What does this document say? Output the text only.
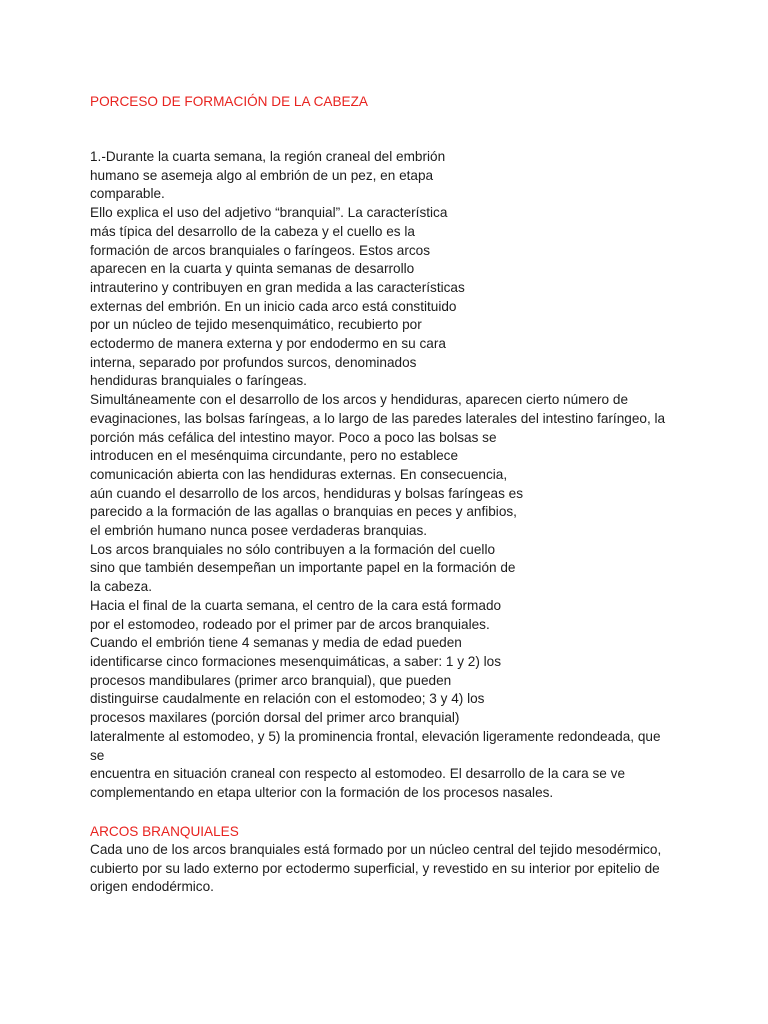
PORCESO DE FORMACIÓN DE LA CABEZA
1.-Durante la cuarta semana, la región craneal del embrión
humano se asemeja algo al embrión de un pez, en etapa
comparable.
Ello explica el uso del adjetivo “branquial”. La característica
más típica del desarrollo de la cabeza y el cuello es la
formación de arcos branquiales o faríngeos. Estos arcos
aparecen en la cuarta y quinta semanas de desarrollo
intrauterino y contribuyen en gran medida a las características
externas del embrión. En un inicio cada arco está constituido
por un núcleo de tejido mesenquimático, recubierto por
ectodermo de manera externa y por endodermo en su cara
interna, separado por profundos surcos, denominados
hendiduras branquiales o faríngeas.
Simultáneamente con el desarrollo de los arcos y hendiduras, aparecen cierto número de
evaginaciones, las bolsas faríngeas, a lo largo de las paredes laterales del intestino faríngeo, la
porción más cefálica del intestino mayor. Poco a poco las bolsas se
introducen en el mesénquima circundante, pero no establece
comunicación abierta con las hendiduras externas. En consecuencia,
aún cuando el desarrollo de los arcos, hendiduras y bolsas faríngeas es
parecido a la formación de las agallas o branquias en peces y anfibios,
el embrión humano nunca posee verdaderas branquias.
Los arcos branquiales no sólo contribuyen a la formación del cuello
sino que también desempeñan un importante papel en la formación de
la cabeza.
Hacia el final de la cuarta semana, el centro de la cara está formado
por el estomodeo, rodeado por el primer par de arcos branquiales.
Cuando el embrión tiene 4 semanas y media de edad pueden
identificarse cinco formaciones mesenquimáticas, a saber: 1 y 2) los
procesos mandibulares (primer arco branquial), que pueden
distinguirse caudalmente en relación con el estomodeo; 3 y 4) los
procesos maxilares (porción dorsal del primer arco branquial)
lateralmente al estomodeo, y 5) la prominencia frontal, elevación ligeramente redondeada, que
se
encuentra en situación craneal con respecto al estomodeo. El desarrollo de la cara se ve
complementando en etapa ulterior con la formación de los procesos nasales.
ARCOS BRANQUIALES
Cada uno de los arcos branquiales está formado por un núcleo central del tejido mesodérmico,
cubierto por su lado externo por ectodermo superficial, y revestido en su interior por epitelio de
origen endodérmico.
